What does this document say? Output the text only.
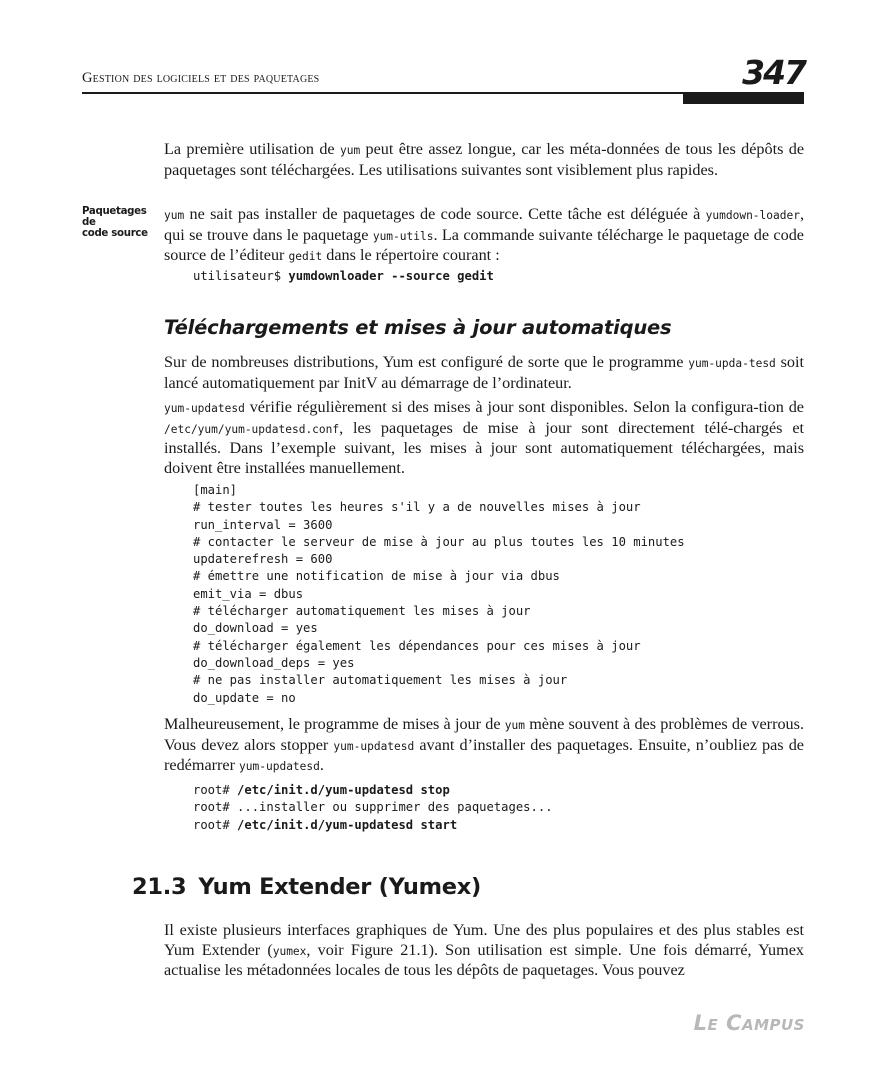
Gestion des logiciels et des paquetages	347
La première utilisation de yum peut être assez longue, car les méta-données de tous les dépôts de paquetages sont téléchargées. Les utilisations suivantes sont visiblement plus rapides.
Paquetages de
code source
yum ne sait pas installer de paquetages de code source. Cette tâche est déléguée à yumdown-loader, qui se trouve dans le paquetage yum-utils. La commande suivante télécharge le paquetage de code source de l’éditeur gedit dans le répertoire courant :
utilisateur$ yumdownloader --source gedit
Téléchargements et mises à jour automatiques
Sur de nombreuses distributions, Yum est configuré de sorte que le programme yum-upda-tesd soit lancé automatiquement par InitV au démarrage de l’ordinateur.
yum-updatesd vérifie régulièrement si des mises à jour sont disponibles. Selon la configura-tion de /etc/yum/yum-updatesd.conf, les paquetages de mise à jour sont directement télé-chargés et installés. Dans l’exemple suivant, les mises à jour sont automatiquement téléchargées, mais doivent être installées manuellement.
[main]
# tester toutes les heures s'il y a de nouvelles mises à jour
run_interval = 3600
# contacter le serveur de mise à jour au plus toutes les 10 minutes
updaterefresh = 600
# émettre une notification de mise à jour via dbus
emit_via = dbus
# télécharger automatiquement les mises à jour
do_download = yes
# télécharger également les dépendances pour ces mises à jour
do_download_deps = yes
# ne pas installer automatiquement les mises à jour
do_update = no
Malheureusement, le programme de mises à jour de yum mène souvent à des problèmes de verrous. Vous devez alors stopper yum-updatesd avant d’installer des paquetages. Ensuite, n’oubliez pas de redémarrer yum-updatesd.
root# /etc/init.d/yum-updatesd stop
root# ...installer ou supprimer des paquetages...
root# /etc/init.d/yum-updatesd start
21.3 Yum Extender (Yumex)
Il existe plusieurs interfaces graphiques de Yum. Une des plus populaires et des plus stables est Yum Extender (yumex, voir Figure 21.1). Son utilisation est simple. Une fois démarré, Yumex actualise les métadonnées locales de tous les dépôts de paquetages. Vous pouvez
Le Campus
